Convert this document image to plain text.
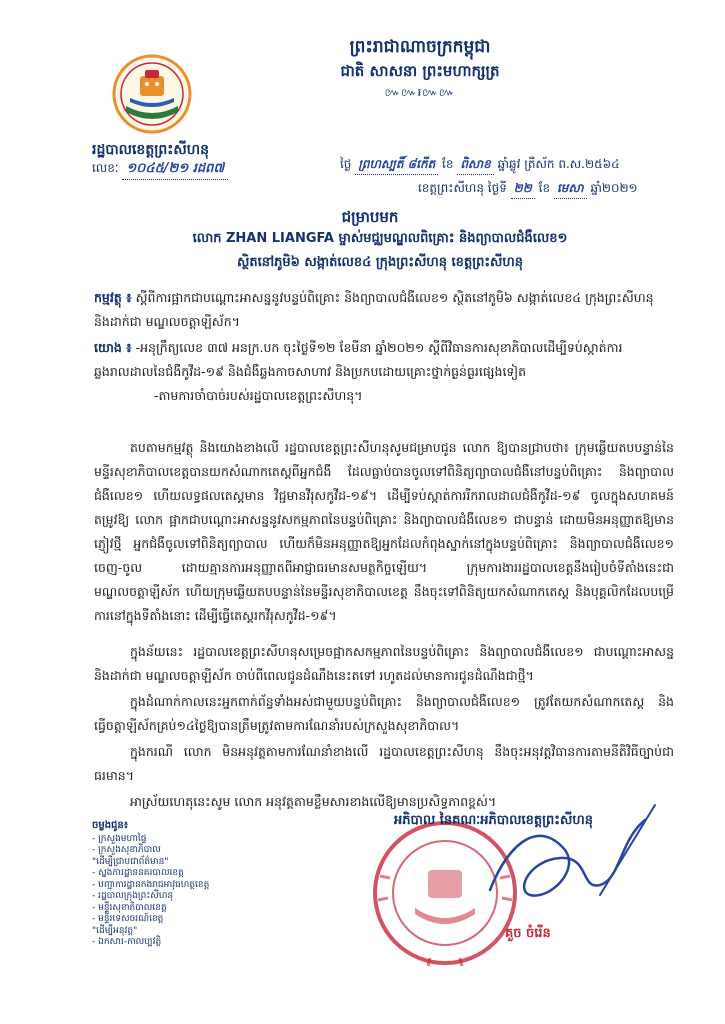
ព្រះរាជាណាចក្រកម្ពុជា
ជាតិ សាសនា ព្រះមហាក្សត្រ
៚៚៛៚៚
រដ្ឋបាលខេត្តព្រះសីហនុ
លេខៈ ១០៤៥/២១ រដព៧	ថ្ងៃ ព្រហស្បតិ៍ ៨កើត ខែ ពិសាខ ឆ្នាំឆ្លូវ ត្រីស័ក ព.ស.២៥៦៤
ខេត្តព្រះសីហនុ ថ្ងៃទី ២២ ខែ មេសា ឆ្នាំ២០២១
ជម្រាបមក
លោក ZHAN LIANGFA ម្ចាស់មជ្ឈមណ្ឌលពិគ្រោះ និងព្យាបាលជំងឺលេខ១
ស្ថិតនៅភូមិ៦ សង្កាត់លេខ៤ ក្រុងព្រះសីហនុ ខេត្តព្រះសីហនុ
កម្មវត្ថុ ៖ ស្តីពីការផ្អាកជាបណ្តោះអាសន្ននូវបន្ទប់ពិគ្រោះ និងព្យាបាលជំងឺលេខ១ ស្ថិតនៅភូមិ៦ សង្កាត់លេខ៤ ក្រុងព្រះសីហនុ និងដាក់ជា មណ្ឌលចត្តាឡីស័ក។
យោង ៖ -អនុក្រឹត្យលេខ ៣៧ អនក្រ.បក ចុះថ្ងៃទី១២ ខែមីនា ឆ្នាំ២០២១ ស្តីពីវិធានការសុខាភិបាលដើម្បីទប់ស្កាត់ការឆ្លងរាលដាលនៃជំងឺកូវីដ-១៩ និងជំងឺឆ្លងកាចសាហាវ និងប្រកបដោយគ្រោះថ្នាក់ធ្ងន់ធ្ងរផ្សេងទៀត
-តាមការចាំបាច់របស់រដ្ឋបាលខេត្តព្រះសីហនុ។
តបតាមកម្មវត្ថុ និងយោងខាងលើ រដ្ឋបាលខេត្តព្រះសីហនុសូមជម្រាបជូន លោក ឱ្យបានជ្រាបថា៖ ក្រុមឆ្លើយតបបន្ទាន់នៃមន្ទីរសុខាភិបាលខេត្តបានយកសំណាកតេស្តពីអ្នកជំងឺ ដែលធ្លាប់បានចូលទៅពិនិត្យព្យាបាលជំងឺនៅបន្ទប់ពិគ្រោះ និងព្យាបាលជំងឺលេខ១ ហើយលទ្ធផលតេស្តមាន វិជ្ជមានវីរុសកូវីដ-១៩។ ដើម្បីទប់ស្កាត់ការរីករាលដាលជំងឺកូវីដ-១៩ ចូលក្នុងសហគមន៍ តម្រូវឱ្យ លោក ផ្អាកជាបណ្តោះអាសន្ននូវសកម្មភាពនៃបន្ទប់ពិគ្រោះ និងព្យាបាលជំងឺលេខ១ ជាបន្ទាន់ ដោយមិនអនុញ្ញាតឱ្យមានភ្ញៀវថ្មី អ្នកជំងឺចូលទៅពិនិត្យព្យាបាល ហើយក៏មិនអនុញ្ញាតឱ្យអ្នកដែលកំពុងស្នាក់នៅក្នុងបន្ទប់ពិគ្រោះ និងព្យាបាលជំងឺលេខ១ ចេញ-ចូល ដោយគ្មានការអនុញ្ញាតពីអាជ្ញាធរមានសមត្ថកិច្ចឡើយ។ ក្រុមការងាររដ្ឋបាលខេត្តនឹងរៀបចំទីតាំងនេះជា មណ្ឌលចត្តាឡីស័ក ហើយក្រុមឆ្លើយតបបន្ទាន់នៃមន្ទីរសុខាភិបាលខេត្ត នឹងចុះទៅពិនិត្យយកសំណាកតេស្ត និងបុគ្គលិកដែលបម្រើការនៅក្នុងទីតាំងនោះ ដើម្បីធ្វើតេស្តរកវីរុសកូវីដ-១៩។
ក្នុងន័យនេះ រដ្ឋបាលខេត្តព្រះសីហនុសម្រេចផ្អាកសកម្មភាពនៃបន្ទប់ពិគ្រោះ និងព្យាបាលជំងឺលេខ១ ជាបណ្តោះអាសន្ន និងដាក់ជា មណ្ឌលចត្តាឡីស័ក ចាប់ពីពេលជូនដំណឹងនេះតទៅ រហូតដល់មានការជូនដំណឹងជាថ្មី។
ក្នុងដំណាក់កាលនេះអ្នកពាក់ព័ន្ធទាំងអស់ជាមួយបន្ទប់ពិគ្រោះ និងព្យាបាលជំងឺលេខ១ ត្រូវតែយកសំណាកតេស្ត និងធ្វើចត្តាឡីស័កគ្រប់១៤ថ្ងៃឱ្យបានត្រឹមត្រូវតាមការណែនាំរបស់ក្រសួងសុខាភិបាល។
ក្នុងករណី លោក មិនអនុវត្តតាមការណែនាំខាងលើ រដ្ឋបាលខេត្តព្រះសីហនុ នឹងចុះអនុវត្តវិធានការតាមនីតិវិធីច្បាប់ជាធរមាន។
អាស្រ័យហេតុនេះសូម លោក អនុវត្តតាមខ្លឹមសារខាងលើឱ្យមានប្រសិទ្ធភាពខ្ពស់។
ចម្លងជូន៖
- ក្រសួងមហាផ្ទៃ
- ក្រសួងសុខាភិបាល
"ដើម្បីជ្រាបជាព័ត៌មាន"
- ស្នងការដ្ឋាននគរបាលខេត្ត
- បញ្ជាការដ្ឋានកងរាជអាវុធហត្ថខេត្ត
- រដ្ឋបាលក្រុងព្រះសីហនុ
- មន្ទីរសុខាភិបាលខេត្ត
- មន្ទីរទេសចរណ៍ខេត្ត
"ដើម្បីអនុវត្ត"
- ឯកសារ-កាលប្បវត្តិ
អភិបាល នៃគណៈអភិបាលខេត្តព្រះសីហនុ
គួច ចំរើន
